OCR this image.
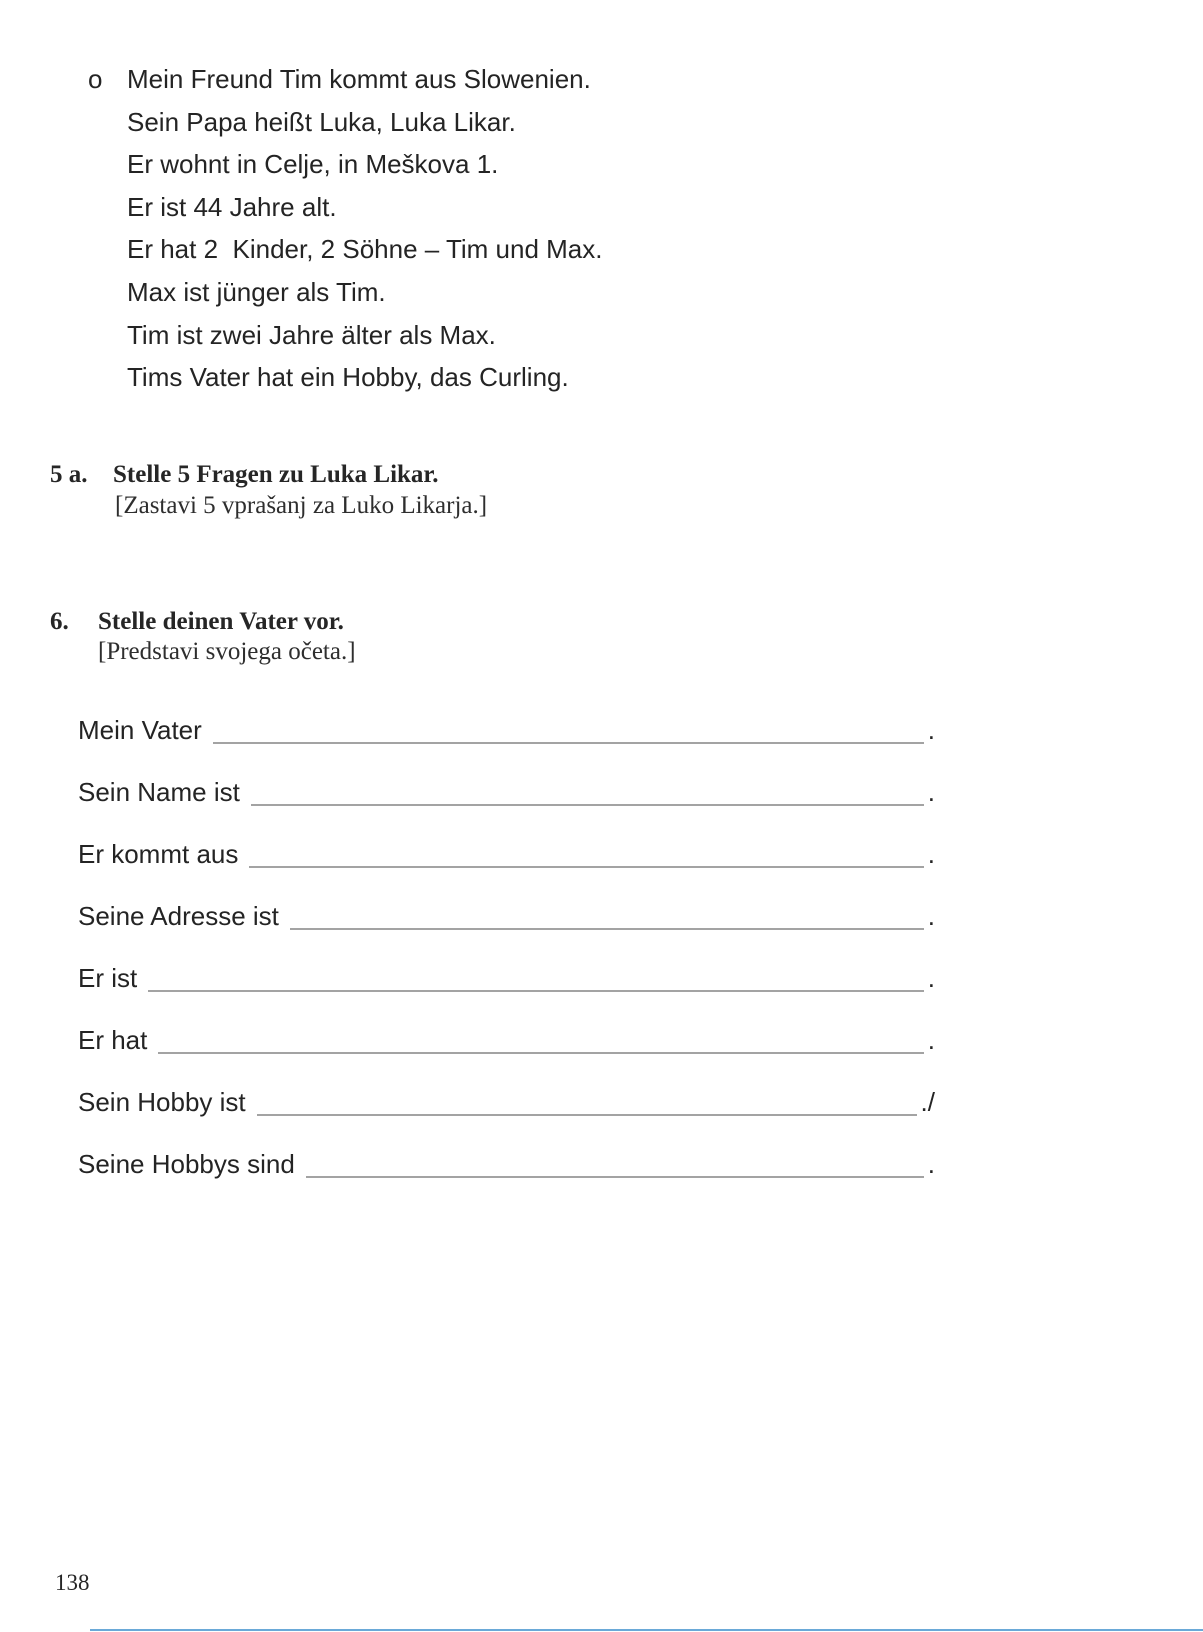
o Mein Freund Tim kommt aus Slowenien.
Sein Papa heißt Luka, Luka Likar.
Er wohnt in Celje, in Meškova 1.
Er ist 44 Jahre alt.
Er hat 2  Kinder, 2 Söhne – Tim und Max.
Max ist jünger als Tim.
Tim ist zwei Jahre älter als Max.
Tims Vater hat ein Hobby, das Curling.
5 a. Stelle 5 Fragen zu Luka Likar.
[Zastavi 5 vprašanj za Luko Likarja.]
6. Stelle deinen Vater vor.
[Predstavi svojega očeta.]
Mein Vater	.
Sein Name ist	.
Er kommt aus	.
Seine Adresse ist	.
Er ist	.
Er hat	.
Sein Hobby ist	./
Seine Hobbys sind	.
138
